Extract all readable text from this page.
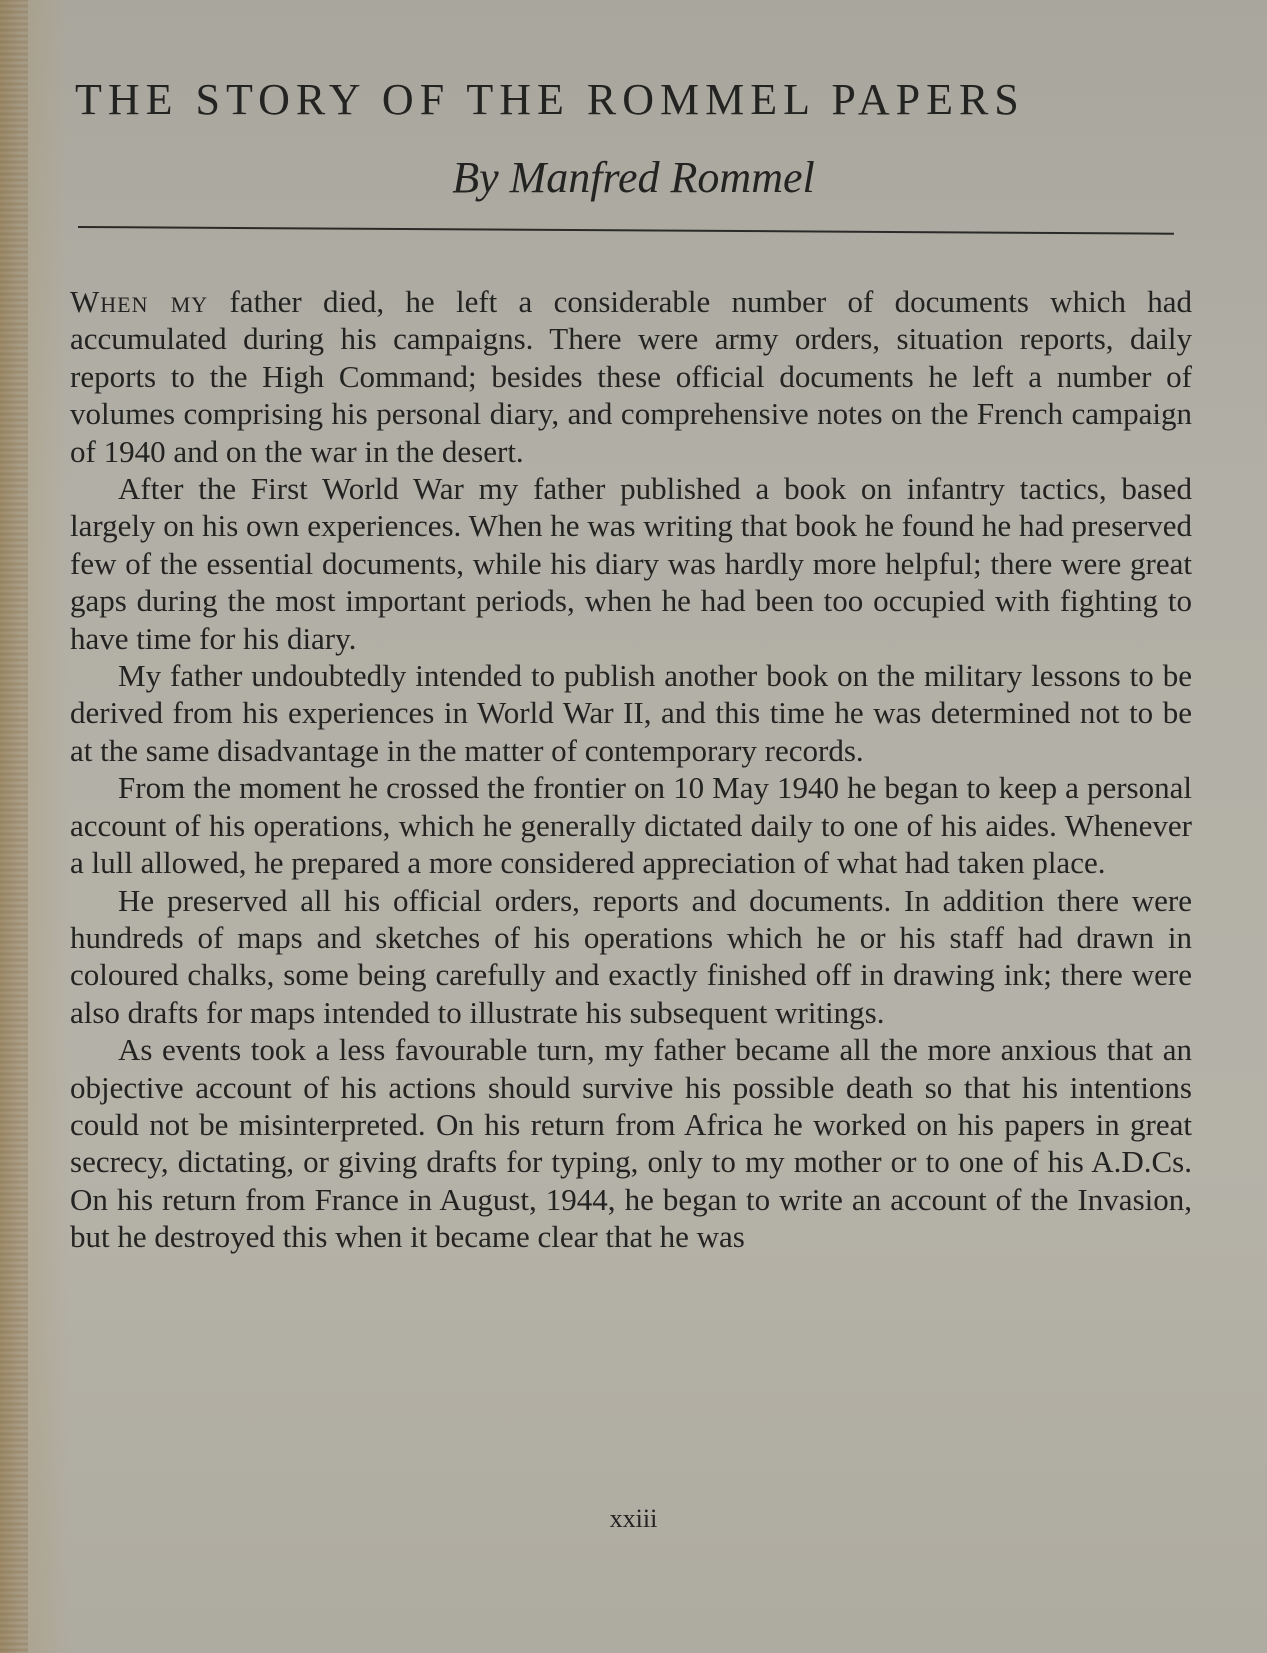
THE STORY OF THE ROMMEL PAPERS
By Manfred Rommel

When my father died, he left a considerable number of documents which had accumulated during his campaigns. There were army orders, situation reports, daily reports to the High Command; besides these official documents he left a number of volumes comprising his personal diary, and comprehensive notes on the French campaign of 1940 and on the war in the desert.

After the First World War my father published a book on infantry tactics, based largely on his own experiences. When he was writing that book he found he had preserved few of the essential documents, while his diary was hardly more helpful; there were great gaps during the most important periods, when he had been too occupied with fighting to have time for his diary.

My father undoubtedly intended to publish another book on the military lessons to be derived from his experiences in World War II, and this time he was determined not to be at the same disadvantage in the matter of contemporary records.

From the moment he crossed the frontier on 10 May 1940 he began to keep a personal account of his operations, which he generally dictated daily to one of his aides. Whenever a lull allowed, he prepared a more considered appreciation of what had taken place.

He preserved all his official orders, reports and documents. In addition there were hundreds of maps and sketches of his operations which he or his staff had drawn in coloured chalks, some being carefully and exactly finished off in drawing ink; there were also drafts for maps intended to illustrate his subsequent writings.

As events took a less favourable turn, my father became all the more anxious that an objective account of his actions should survive his possible death so that his intentions could not be misinterpreted. On his return from Africa he worked on his papers in great secrecy, dictating, or giving drafts for typing, only to my mother or to one of his A.D.Cs. On his return from France in August, 1944, he began to write an account of the Invasion, but he destroyed this when it became clear that he was

xxiii
